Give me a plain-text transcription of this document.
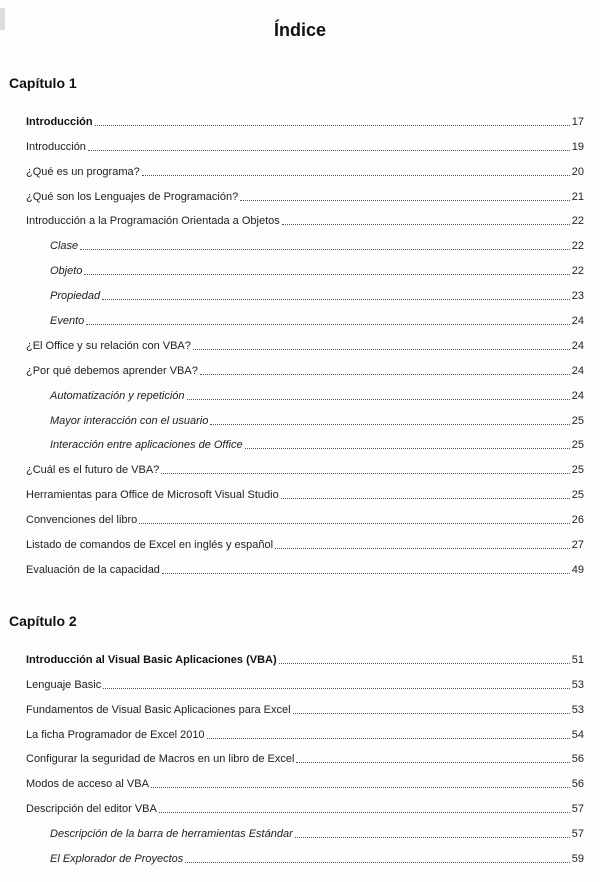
Índice
Capítulo 1
Introducción	17
Introducción	19
¿Qué es un programa?	20
¿Qué son los Lenguajes de Programación?	21
Introducción a la Programación Orientada a Objetos	22
Clase	22
Objeto	22
Propiedad	23
Evento	24
¿El Office y su relación con VBA?	24
¿Por qué debemos aprender VBA?	24
Automatización y repetición	24
Mayor interacción con el usuario	25
Interacción entre aplicaciones de Office	25
¿Cuál es el futuro de VBA?	25
Herramientas para Office de Microsoft Visual Studio	25
Convenciones del libro	26
Listado de comandos de Excel en inglés y español	27
Evaluación de la capacidad	49
Capítulo 2
Introducción al Visual Basic Aplicaciones (VBA)	51
Lenguaje Basic	53
Fundamentos de Visual Basic Aplicaciones para Excel	53
La ficha Programador de Excel 2010	54
Configurar la seguridad de Macros en un libro de Excel	56
Modos de acceso al VBA	56
Descripción del editor VBA	57
Descripción de la barra de herramientas Estándar	57
El Explorador de Proyectos	59
